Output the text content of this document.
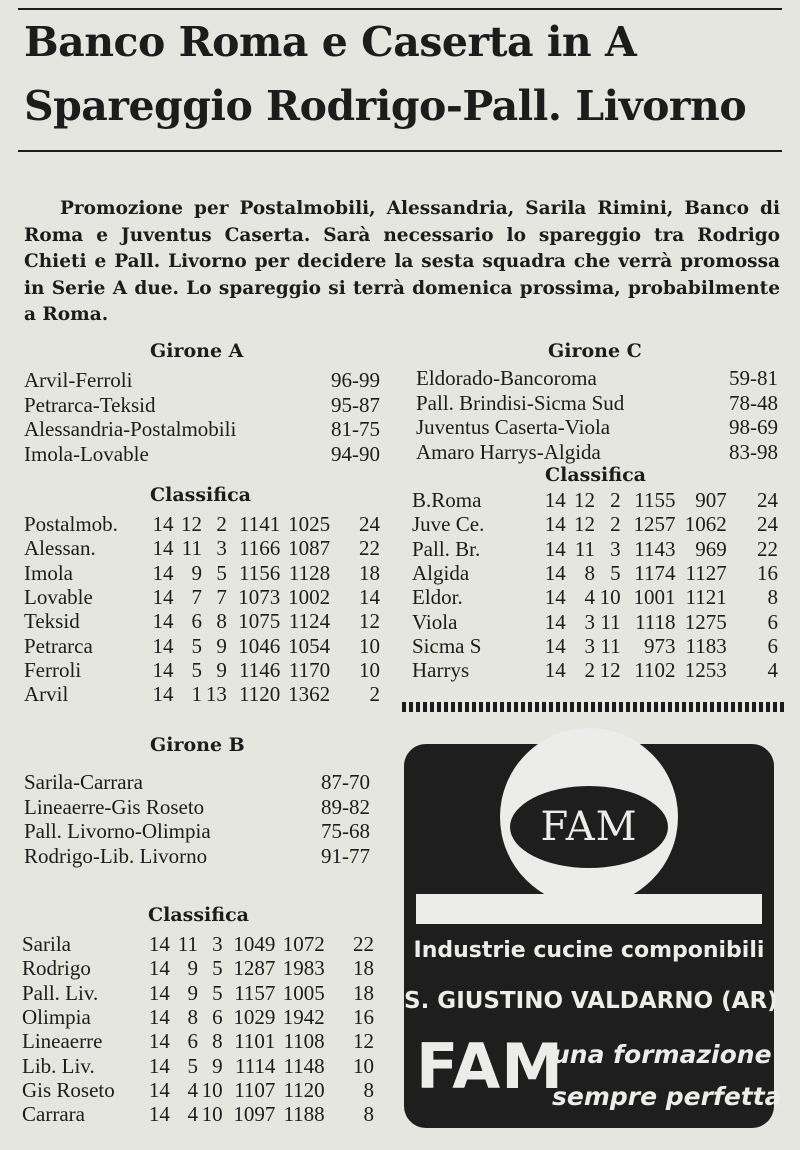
Banco Roma e Caserta in A
Spareggio Rodrigo-Pall. Livorno

Promozione per Postalmobili, Alessandria, Sarila Rimini, Banco di Roma e Juventus Caserta. Sarà necessario lo spareggio tra Rodrigo Chieti e Pall. Livorno per decidere la sesta squadra che verrà promossa in Serie A due. Lo spareggio si terrà domenica prossima, probabilmente a Roma.

Girone A
Arvil-Ferroli	96-99
Petrarca-Teksid	95-87
Alessandria-Postalmobili	81-75
Imola-Lovable	94-90
Classifica
Postalmob.	14	12	2	1141	1025	24
Alessan.	14	11	3	1166	1087	22
Imola	14	9	5	1156	1128	18
Lovable	14	7	7	1073	1002	14
Teksid	14	6	8	1075	1124	12
Petrarca	14	5	9	1046	1054	10
Ferroli	14	5	9	1146	1170	10
Arvil	14	1	13	1120	1362	2
Girone B
Sarila-Carrara	87-70
Lineaerre-Gis Roseto	89-82
Pall. Livorno-Olimpia	75-68
Rodrigo-Lib. Livorno	91-77
Classifica
Sarila	14	11	3	1049	1072	22
Rodrigo	14	9	5	1287	1983	18
Pall. Liv.	14	9	5	1157	1005	18
Olimpia	14	8	6	1029	1942	16
Lineaerre	14	6	8	1101	1108	12
Lib. Liv.	14	5	9	1114	1148	10
Gis Roseto	14	4	10	1107	1120	8
Carrara	14	4	10	1097	1188	8
Girone C
Eldorado-Bancoroma	59-81
Pall. Brindisi-Sicma Sud	78-48
Juventus Caserta-Viola	98-69
Amaro Harrys-Algida	83-98
Classifica
B.Roma	14	12	2	1155	907	24
Juve Ce.	14	12	2	1257	1062	24
Pall. Br.	14	11	3	1143	969	22
Algida	14	8	5	1174	1127	16
Eldor.	14	4	10	1001	1121	8
Viola	14	3	11	1118	1275	6
Sicma S	14	3	11	973	1183	6
Harrys	14	2	12	1102	1253	4
FAM
Industrie cucine componibili
S. GIUSTINO VALDARNO (AR)
FAM
una formazione
sempre perfetta
